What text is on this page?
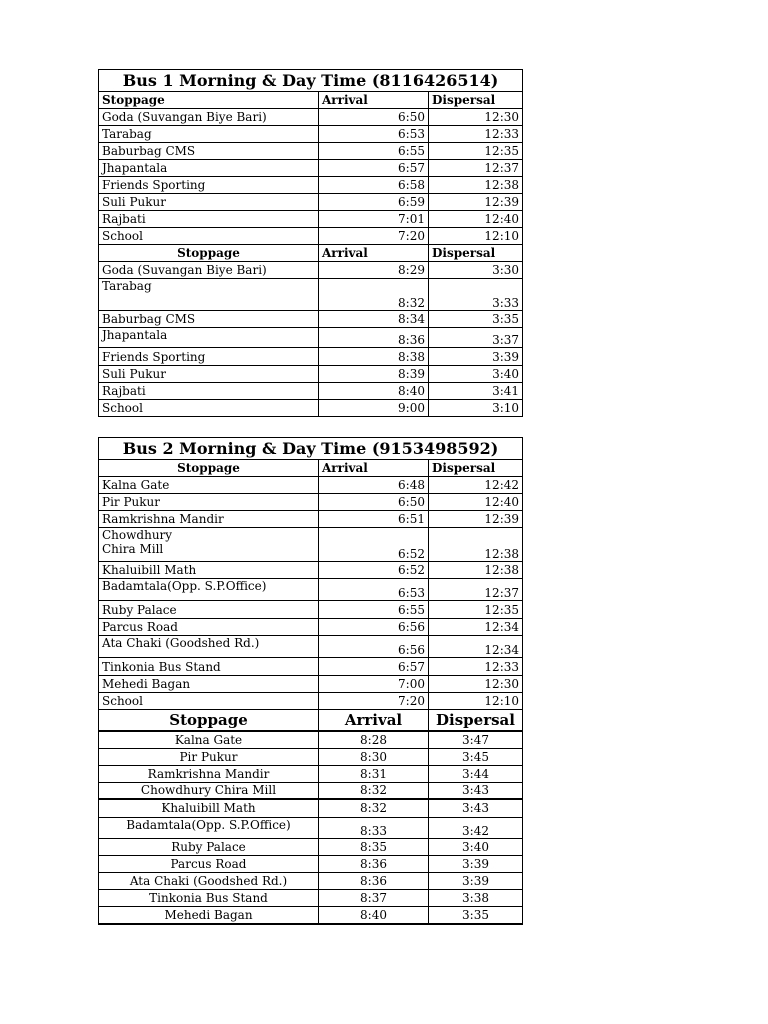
Bus 1 Morning & Day Time (8116426514)		
Stoppage	Arrival	Dispersal
Goda (Suvangan Biye Bari)	6:50	12:30
Tarabag	6:53	12:33
Baburbag CMS	6:55	12:35
Jhapantala	6:57	12:37
Friends Sporting	6:58	12:38
Suli Pukur	6:59	12:39
Rajbati	7:01	12:40
School	7:20	12:10
Stoppage	Arrival	Dispersal
Goda (Suvangan Biye Bari)	8:29	3:30
Tarabag	8:32	3:33
Baburbag CMS	8:34	3:35
Jhapantala	8:36	3:37
Friends Sporting	8:38	3:39
Suli Pukur	8:39	3:40
Rajbati	8:40	3:41
School	9:00	3:10
Bus 2 Morning & Day Time (9153498592)		
Stoppage	Arrival	Dispersal
Kalna Gate	6:48	12:42
Pir Pukur	6:50	12:40
Ramkrishna Mandir	6:51	12:39
Chowdhury
Chira Mill	6:52	12:38
Khaluibill Math	6:52	12:38
Badamtala(Opp. S.P.Office)	6:53	12:37
Ruby Palace	6:55	12:35
Parcus Road	6:56	12:34
Ata Chaki (Goodshed Rd.)	6:56	12:34
Tinkonia Bus Stand	6:57	12:33
Mehedi Bagan	7:00	12:30
School	7:20	12:10
Stoppage	Arrival	Dispersal
Kalna Gate	8:28	3:47
Pir Pukur	8:30	3:45
Ramkrishna Mandir	8:31	3:44
Chowdhury Chira Mill	8:32	3:43
Khaluibill Math	8:32	3:43
Badamtala(Opp. S.P.Office)	8:33	3:42
Ruby Palace	8:35	3:40
Parcus Road	8:36	3:39
Ata Chaki (Goodshed Rd.)	8:36	3:39
Tinkonia Bus Stand	8:37	3:38
Mehedi Bagan	8:40	3:35
